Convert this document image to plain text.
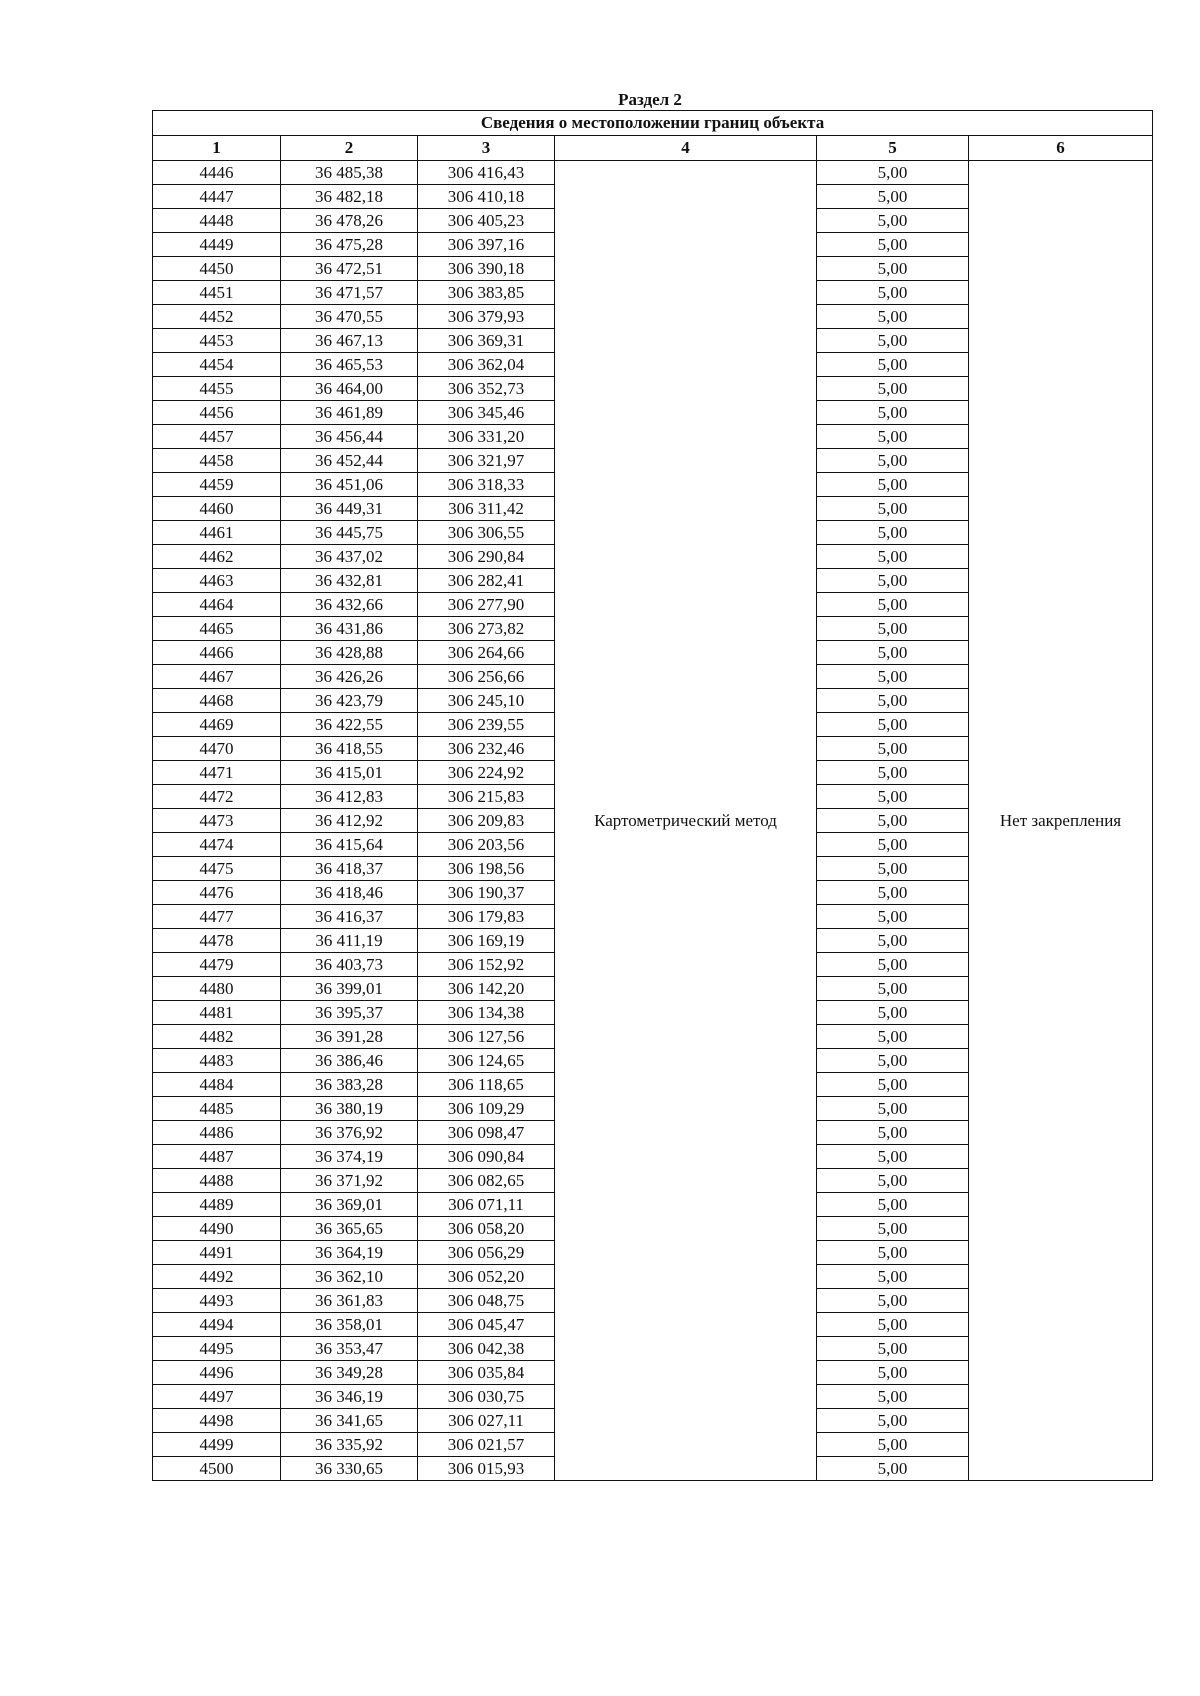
Раздел 2
Сведения о местоположении границ объекта					
1	2	3	4	5	6
4446	36 485,38	306 416,43	Картометрический метод	5,00	Нет закрепления
4447	36 482,18	306 410,18		5,00	
4448	36 478,26	306 405,23		5,00	
4449	36 475,28	306 397,16		5,00	
4450	36 472,51	306 390,18		5,00	
4451	36 471,57	306 383,85		5,00	
4452	36 470,55	306 379,93		5,00	
4453	36 467,13	306 369,31		5,00	
4454	36 465,53	306 362,04		5,00	
4455	36 464,00	306 352,73		5,00	
4456	36 461,89	306 345,46		5,00	
4457	36 456,44	306 331,20		5,00	
4458	36 452,44	306 321,97		5,00	
4459	36 451,06	306 318,33		5,00	
4460	36 449,31	306 311,42		5,00	
4461	36 445,75	306 306,55		5,00	
4462	36 437,02	306 290,84		5,00	
4463	36 432,81	306 282,41		5,00	
4464	36 432,66	306 277,90		5,00	
4465	36 431,86	306 273,82		5,00	
4466	36 428,88	306 264,66		5,00	
4467	36 426,26	306 256,66		5,00	
4468	36 423,79	306 245,10		5,00	
4469	36 422,55	306 239,55		5,00	
4470	36 418,55	306 232,46		5,00	
4471	36 415,01	306 224,92		5,00	
4472	36 412,83	306 215,83		5,00	
4473	36 412,92	306 209,83		5,00	
4474	36 415,64	306 203,56		5,00	
4475	36 418,37	306 198,56		5,00	
4476	36 418,46	306 190,37		5,00	
4477	36 416,37	306 179,83		5,00	
4478	36 411,19	306 169,19		5,00	
4479	36 403,73	306 152,92		5,00	
4480	36 399,01	306 142,20		5,00	
4481	36 395,37	306 134,38		5,00	
4482	36 391,28	306 127,56		5,00	
4483	36 386,46	306 124,65		5,00	
4484	36 383,28	306 118,65		5,00	
4485	36 380,19	306 109,29		5,00	
4486	36 376,92	306 098,47		5,00	
4487	36 374,19	306 090,84		5,00	
4488	36 371,92	306 082,65		5,00	
4489	36 369,01	306 071,11		5,00	
4490	36 365,65	306 058,20		5,00	
4491	36 364,19	306 056,29		5,00	
4492	36 362,10	306 052,20		5,00	
4493	36 361,83	306 048,75		5,00	
4494	36 358,01	306 045,47		5,00	
4495	36 353,47	306 042,38		5,00	
4496	36 349,28	306 035,84		5,00	
4497	36 346,19	306 030,75		5,00	
4498	36 341,65	306 027,11		5,00	
4499	36 335,92	306 021,57		5,00	
4500	36 330,65	306 015,93		5,00	
